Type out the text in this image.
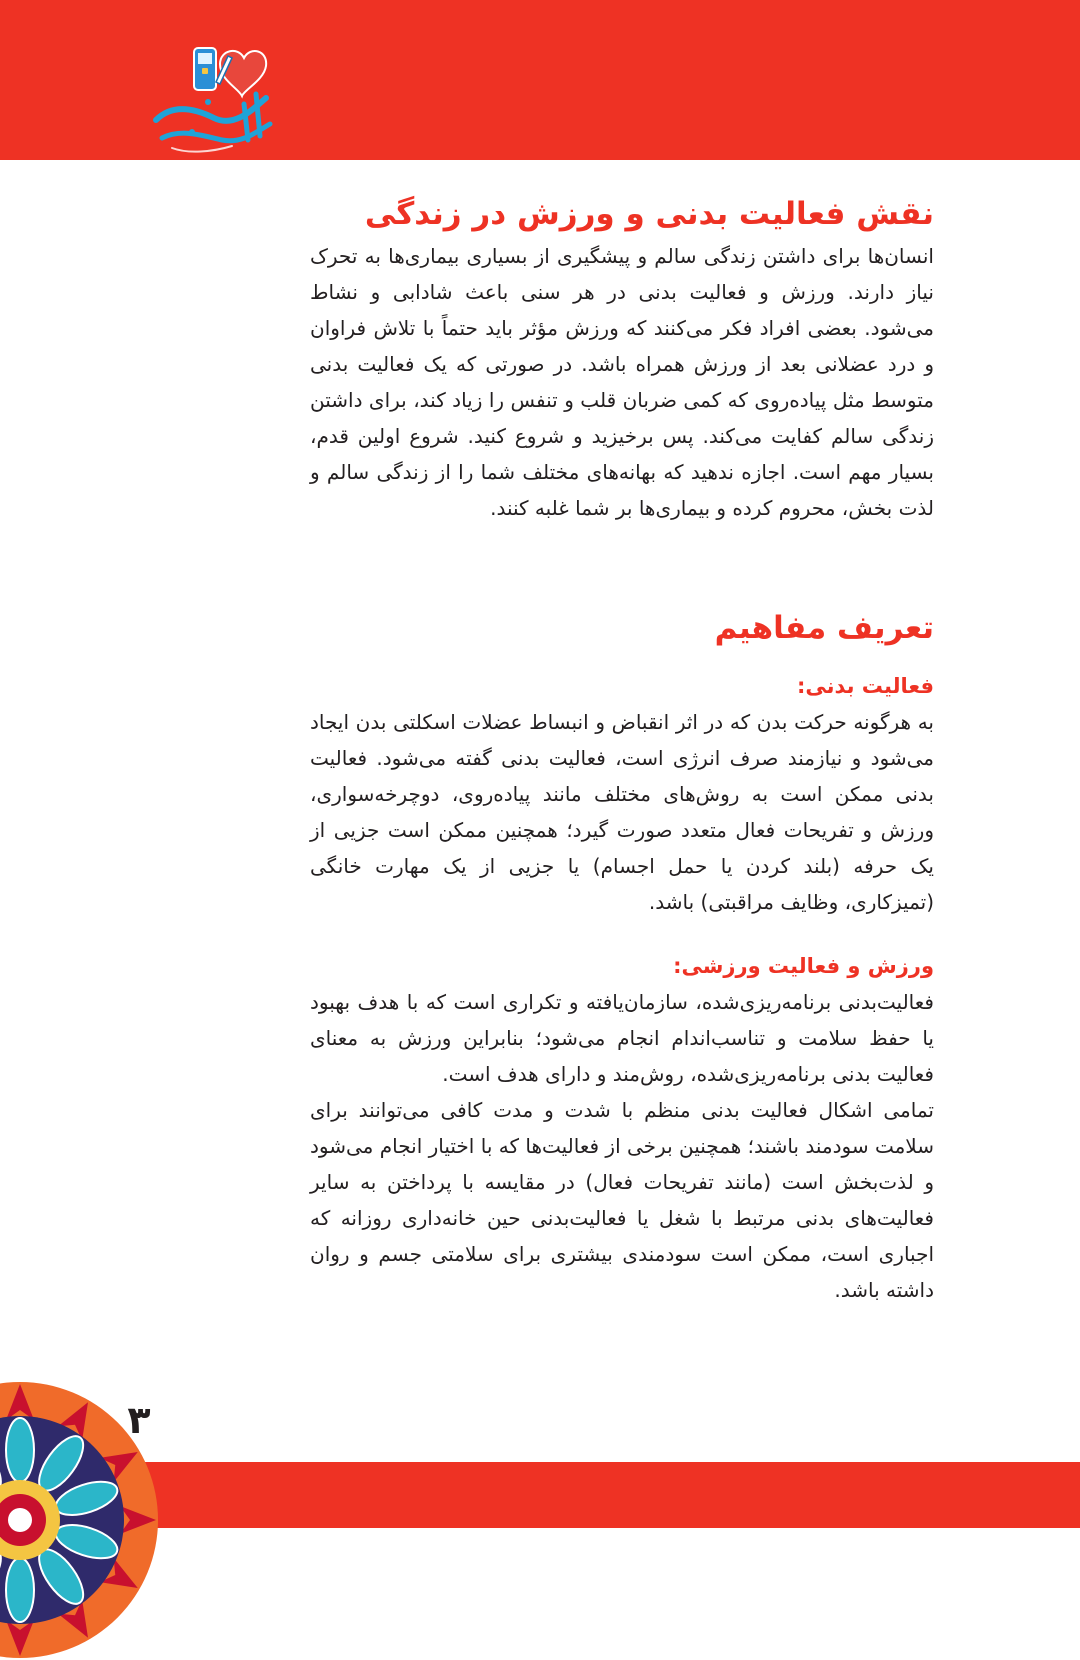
نقش فعالیت بدنی و ورزش در زندگی

انسان‌ها برای داشتن زندگی سالم و پیشگیری از بسیاری بیماری‌ها به تحرک نیاز دارند. ورزش و فعالیت بدنی در هر سنی باعث شادابی و نشاط می‌شود. بعضی افراد فکر می‌کنند که ورزش مؤثر باید حتماً با تلاش فراوان و درد عضلانی بعد از ورزش همراه باشد. در صورتی که یک فعالیت بدنی متوسط مثل پیاده‌روی که کمی ضربان قلب و تنفس را زیاد کند، برای داشتن زندگی سالم کفایت می‌کند. پس برخیزید و شروع کنید. شروع اولین قدم، بسیار مهم است. اجازه ندهید که بهانه‌های مختلف شما را از زندگی سالم و لذت بخش، محروم کرده و بیماری‌ها بر شما غلبه کنند.

تعریف مفاهیم
فعالیت بدنی:

به هرگونه حرکت بدن که در اثر انقباض و انبساط عضلات اسکلتی بدن ایجاد می‌شود و نیازمند صرف انرژی است، فعالیت بدنی گفته می‌شود. فعالیت بدنی ممکن است به روش‌های مختلف مانند پیاده‌روی، دوچرخه‌سواری، ورزش و تفریحات فعال متعدد صورت گیرد؛ همچنین ممکن است جزیی از یک حرفه (بلند کردن یا حمل اجسام) یا جزیی از یک مهارت خانگی (تمیزکاری، وظایف مراقبتی) باشد.

ورزش و فعالیت ورزشی:

فعالیت‌بدنی برنامه‌ریزی‌شده، سازمان‌یافته و تکراری است که با هدف بهبود یا حفظ سلامت و تناسب‌اندام انجام می‌شود؛ بنابراین ورزش به معنای فعالیت بدنی برنامه‌ریزی‌شده، روش‌مند و دارای هدف است.

تمامی اشکال فعالیت بدنی منظم با شدت و مدت کافی می‌توانند برای سلامت سودمند باشند؛ همچنین برخی از فعالیت‌ها که با اختیار انجام می‌شود و لذت‌بخش است (مانند تفریحات فعال) در مقایسه با پرداختن به سایر فعالیت‌های بدنی مرتبط با شغل یا فعالیت‌بدنی حین خانه‌داری روزانه که اجباری است، ممکن است سودمندی بیشتری برای سلامتی جسم و روان داشته باشد.

۳
